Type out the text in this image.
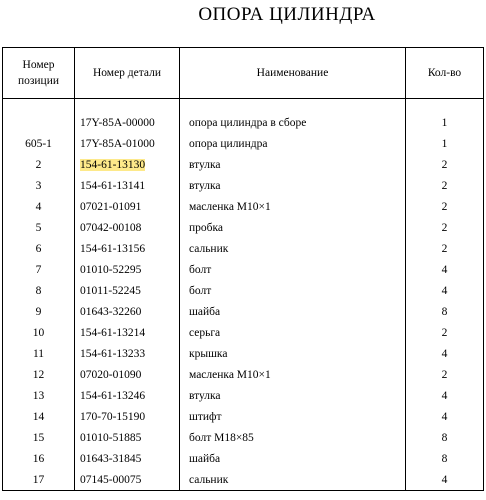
ОПОРА ЦИЛИНДРА
Номер позиции	Номер детали	Наименование	Кол-во

	17Y-85A-00000	опора цилиндра в сборе	1
605-1	17Y-85A-01000	опора цилиндра	1
2	154-61-13130	втулка	2
3	154-61-13141	втулка	2
4	07021-01091	масленка M10×1	2
5	07042-00108	пробка	2
6	154-61-13156	сальник	2
7	01010-52295	болт	4
8	01011-52245	болт	4
9	01643-32260	шайба	8
10	154-61-13214	серьга	2
11	154-61-13233	крышка	4
12	07020-01090	масленка M10×1	2
13	154-61-13246	втулка	4
14	170-70-15190	штифт	4
15	01010-51885	болт M18×85	8
16	01643-31845	шайба	8
17	07145-00075	сальник	4
